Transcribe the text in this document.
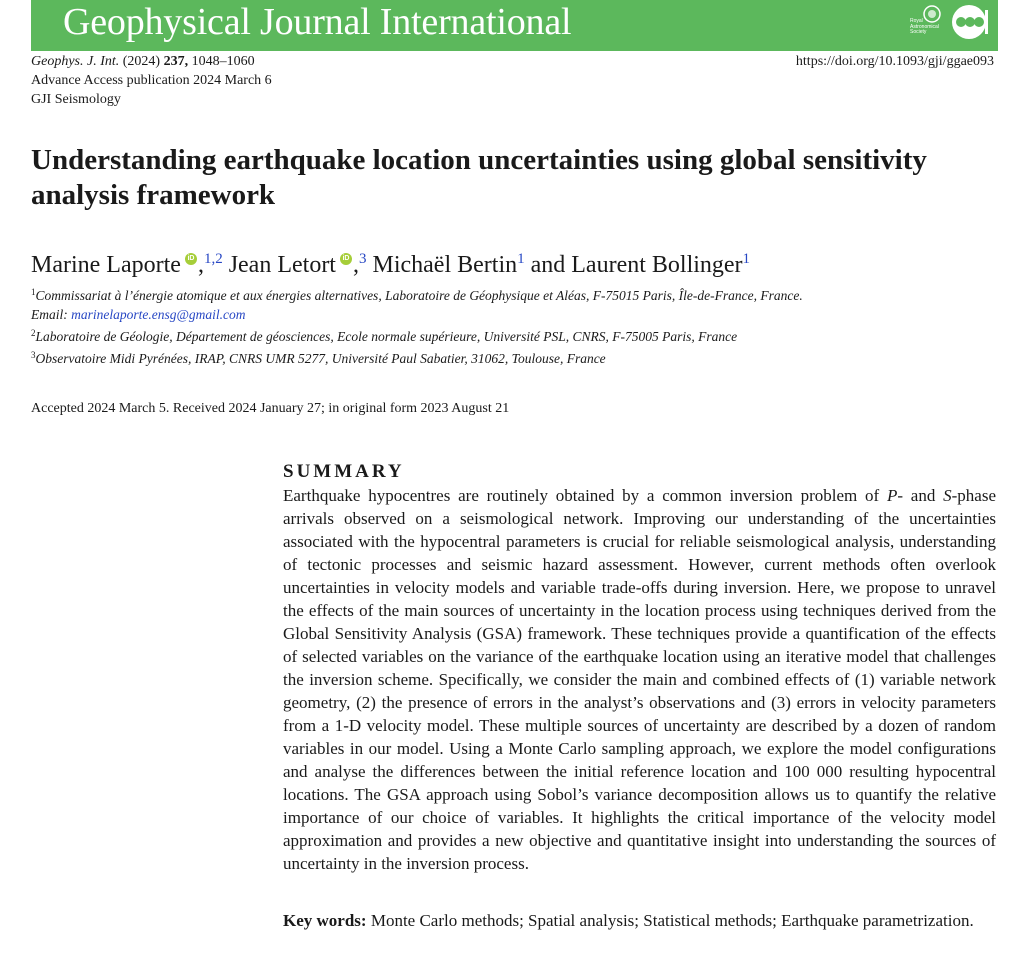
Geophysical Journal International	Royal Astronomical Society
Geophys. J. Int. (2024) 237, 1048–1060
Advance Access publication 2024 March 6
GJI Seismology
https://doi.org/10.1093/gji/ggae093
Understanding earthquake location uncertainties using global sensitivity analysis framework
Marine Laporte iD ,$^{1,2}$ Jean Letort iD ,$^3$ Michaël Bertin$^1$ and Laurent Bollinger$^1$

$^1$Commissariat à l’énergie atomique et aux énergies alternatives, Laboratoire de Géophysique et Aléas, F-75015 Paris, Île-de-France, France.

Email: marinelaporte.ensg@gmail.com

$^2$Laboratoire de Géologie, Département de géosciences, Ecole normale supérieure, Université PSL, CNRS, F-75005 Paris, France

$^3$Observatoire Midi Pyrénées, IRAP, CNRS UMR 5277, Université Paul Sabatier, 31062, Toulouse, France

Accepted 2024 March 5. Received 2024 January 27; in original form 2023 August 21
SUMMARY

Earthquake hypocentres are routinely obtained by a common inversion problem of P- and S-phase arrivals observed on a seismological network. Improving our understanding of the uncertainties associated with the hypocentral parameters is crucial for reliable seismological analysis, understanding of tectonic processes and seismic hazard assessment. However, current methods often overlook uncertainties in velocity models and variable trade-offs during inversion. Here, we propose to unravel the effects of the main sources of uncertainty in the location process using techniques derived from the Global Sensitivity Analysis (GSA) framework. These techniques provide a quantification of the effects of selected variables on the variance of the earthquake location using an iterative model that challenges the inversion scheme. Specifically, we consider the main and combined effects of (1) variable network geometry, (2) the presence of errors in the analyst’s observations and (3) errors in velocity parameters from a 1-D velocity model. These multiple sources of uncertainty are described by a dozen of random variables in our model. Using a Monte Carlo sampling approach, we explore the model configurations and analyse the differences between the initial reference location and 100 000 resulting hypocentral locations. The GSA approach using Sobol’s variance decomposition allows us to quantify the relative importance of our choice of variables. It highlights the critical importance of the velocity model approximation and provides a new objective and quantitative insight into understanding the sources of uncertainty in the inversion process.

Key words: Monte Carlo methods; Spatial analysis; Statistical methods; Earthquake parametrization.
